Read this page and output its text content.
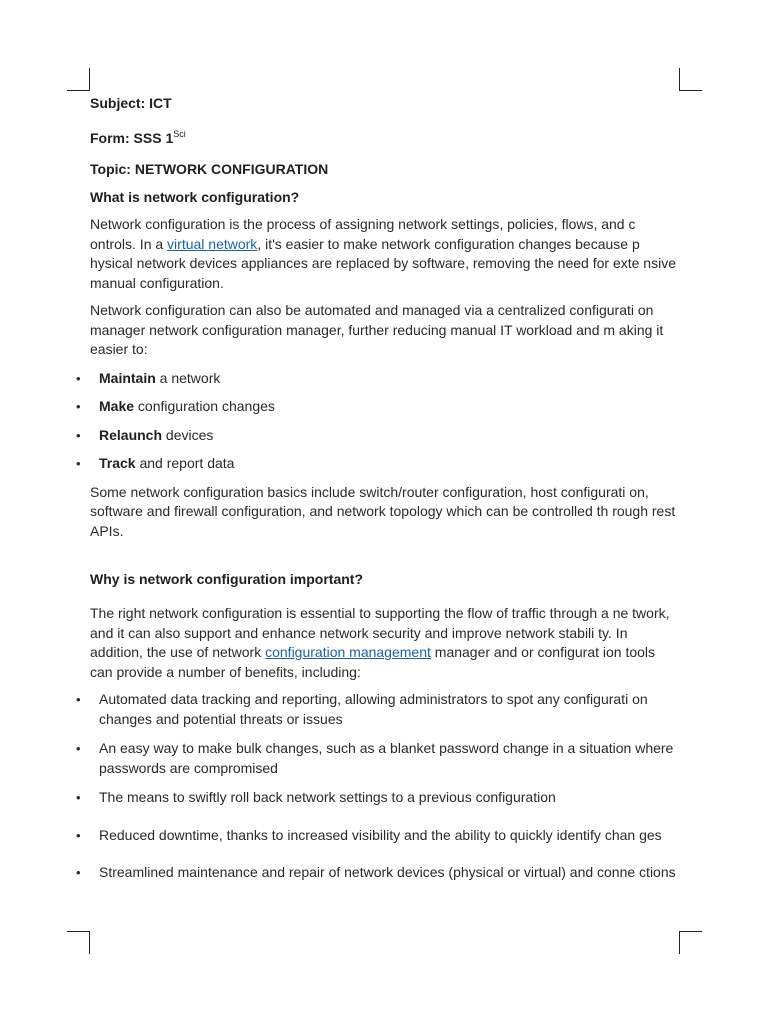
Subject: ICT

Form: SSS $1^{Sci}$

Topic: NETWORK CONFIGURATION

What is network configuration?

Network configuration is the process of assigning network settings, policies, flows, and c ontrols. In a virtual network, it's easier to make network configuration changes because p hysical network devices appliances are replaced by software, removing the need for exte nsive manual configuration.

Network configuration can also be automated and managed via a centralized configurati on manager network configuration manager, further reducing manual IT workload and m aking it easier to:

• Maintain a network
• Make configuration changes
• Relaunch devices
• Track and report data

Some network configuration basics include switch/router configuration, host configurati on, software and firewall configuration, and network topology which can be controlled th rough rest APIs.

Why is network configuration important?

The right network configuration is essential to supporting the flow of traffic through a ne twork, and it can also support and enhance network security and improve network stabili ty. In addition, the use of network configuration management manager and or configurat ion tools can provide a number of benefits, including:

• Automated data tracking and reporting, allowing administrators to spot any configurati on changes and potential threats or issues
• An easy way to make bulk changes, such as a blanket password change in a situation where passwords are compromised
• The means to swiftly roll back network settings to a previous configuration
• Reduced downtime, thanks to increased visibility and the ability to quickly identify chan ges
• Streamlined maintenance and repair of network devices (physical or virtual) and conne ctions
